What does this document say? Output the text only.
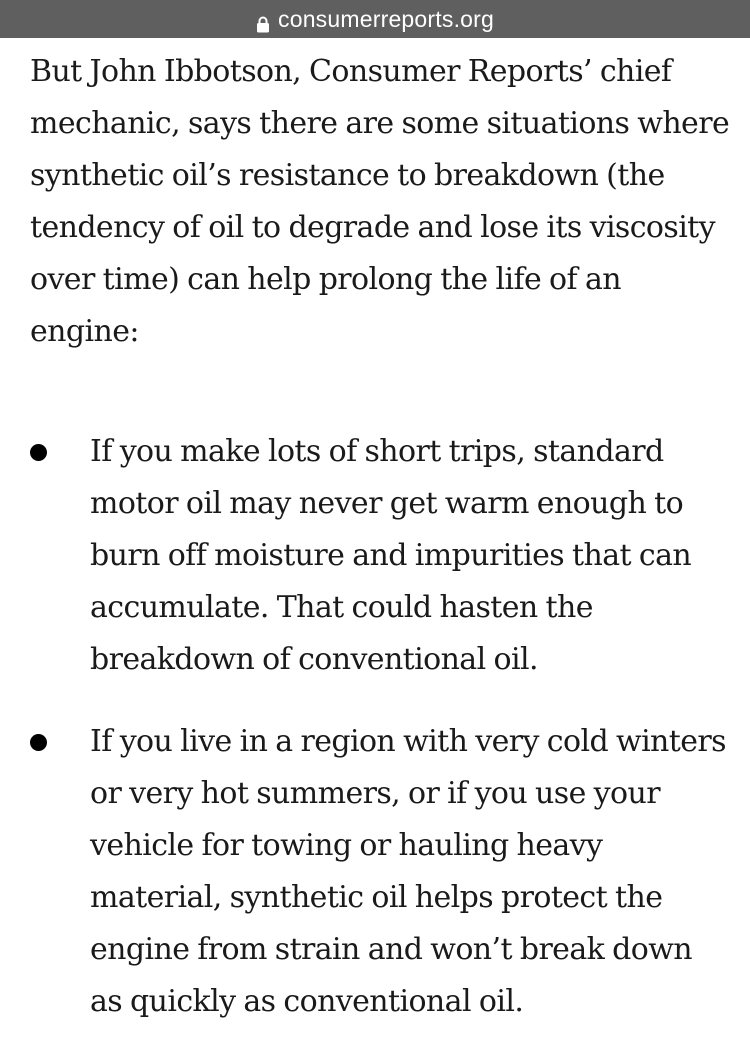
consumerreports.org

But John Ibbotson, Consumer Reports’ chief mechanic, says there are some situations where synthetic oil’s resistance to breakdown (the tendency of oil to degrade and lose its viscosity over time) can help prolong the life of an engine:

If you make lots of short trips, standard motor oil may never get warm enough to burn off moisture and impurities that can accumulate. That could hasten the breakdown of conventional oil.
If you live in a region with very cold winters or very hot summers, or if you use your vehicle for towing or hauling heavy material, synthetic oil helps protect the engine from strain and won’t break down as quickly as conventional oil.
